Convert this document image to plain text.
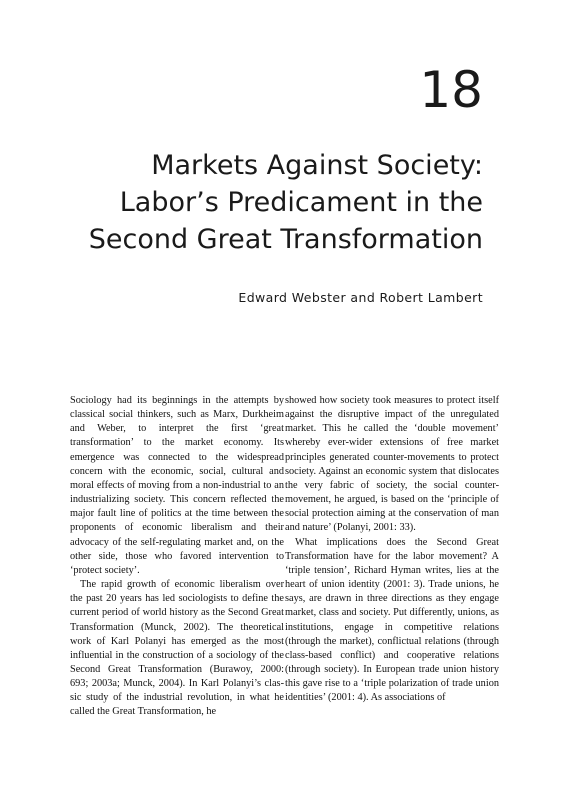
18
Markets Against Society:
Labor’s Predicament in the
Second Great Transformation
Edward Webster and Robert Lambert

Sociology had its beginnings in the attempts by classical social thinkers, such as Marx, Durkheim and Weber, to interpret the first ‘great transformation’ to the market economy. Its emergence was connected to the widespread concern with the economic, social, cultural and moral effects of moving from a non-industrial to an industrializing society. This concern reflected the major fault line of politics at the time between the proponents of economic liberalism and their advocacy of the self-regulating market and, on the other side, those who favored intervention to ‘protect society’.

The rapid growth of economic liberalism over the past 20 years has led sociologists to define the current period of world history as the Second Great Transformation (Munck, 2002). The theoretical work of Karl Polanyi has emerged as the most influential in the construction of a sociology of the Second Great Transformation (Burawoy, 2000: 693; 2003a; Munck, 2004). In Karl Polanyi’s classic study of the industrial revolution, in what he called the Great Transformation, he

showed how society took measures to protect itself against the disruptive impact of the unregulated market. This he called the ‘double movement’ whereby ever-wider extensions of free market principles generated counter-movements to protect society. Against an economic system that dislocates the very fabric of society, the social counter-movement, he argued, is based on the ‘principle of social protection aiming at the conservation of man and nature’ (Polanyi, 2001: 33).

What implications does the Second Great Transformation have for the labor movement? A ‘triple tension’, Richard Hyman writes, lies at the heart of union identity (2001: 3). Trade unions, he says, are drawn in three directions as they engage market, class and society. Put differently, unions, as institutions, engage in competitive relations (through the market), conflictual relations (through class-based conflict) and cooperative relations (through society). In European trade union history this gave rise to a ‘triple polarization of trade union identities’ (2001: 4). As associations of
